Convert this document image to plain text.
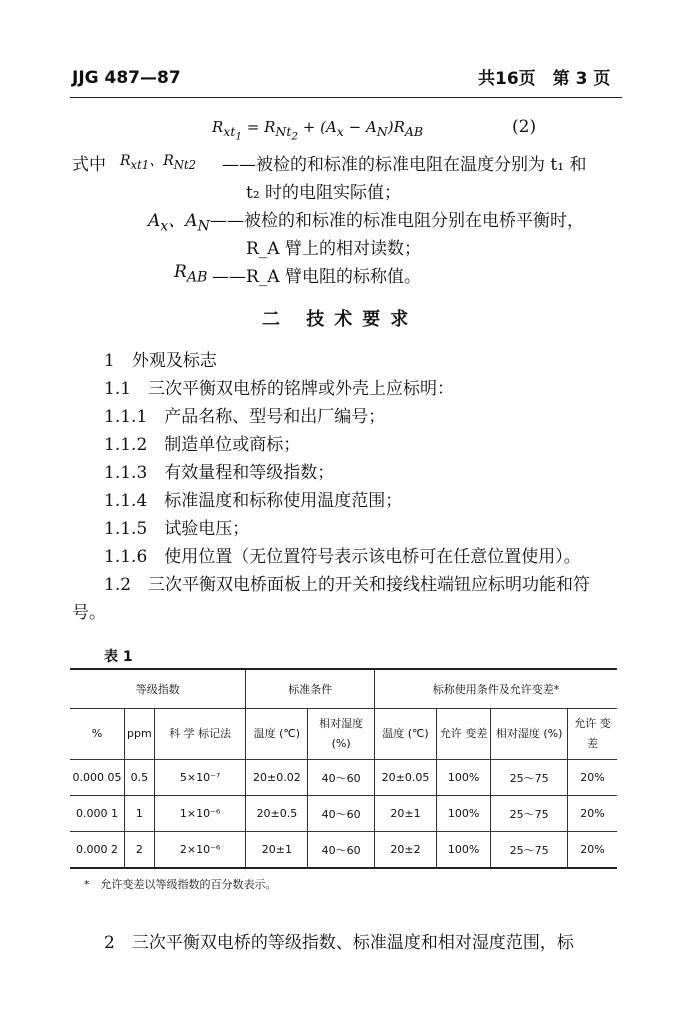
JJG 487—87	共16页　第 3 页
$R_{xt_1} = R_{Nt_2} + (A_x - A_N)R_{AB}$	(2)
式中 $R_{xt1}$、$R_{Nt2}$ ——被检的和标准的标准电阻在温度分别为 t₁ 和
t₂ 时的电阻实际值；
$A_x$、$A_N$ ——被检的和标准的标准电阻分别在电桥平衡时，
R_A 臂上的相对读数；
$R_{AB}$ ——R_A 臂电阻的标称值。
二 技术要求
1　外观及标志
1.1　三次平衡双电桥的铭牌或外壳上应标明：
1.1.1　产品名称、型号和出厂编号；
1.1.2　制造单位或商标；
1.1.3　有效量程和等级指数；
1.1.4　标准温度和标称使用温度范围；
1.1.5　试验电压；
1.1.6　使用位置（无位置符号表示该电桥可在任意位置使用）。
1.2　三次平衡双电桥面板上的开关和接线柱端钮应标明功能和符
号。
表 1
等级指数			标准条件		标称使用条件及允许变差*			
%	ppm	科 学 标记法	温度 (℃)	相对湿度 (%)	温度 (℃)	允许 变差	相对湿度 (%)	允许 变差
0.000 05	0.5	5×10⁻⁷	20±0.02	40～60	20±0.05	100%	25～75	20%
0.000 1	1	1×10⁻⁶	20±0.5	40～60	20±1	100%	25～75	20%
0.000 2	2	2×10⁻⁶	20±1	40～60	20±2	100%	25～75	20%
*　允许变差以等级指数的百分数表示。
2　三次平衡双电桥的等级指数、标准温度和相对湿度范围，标
